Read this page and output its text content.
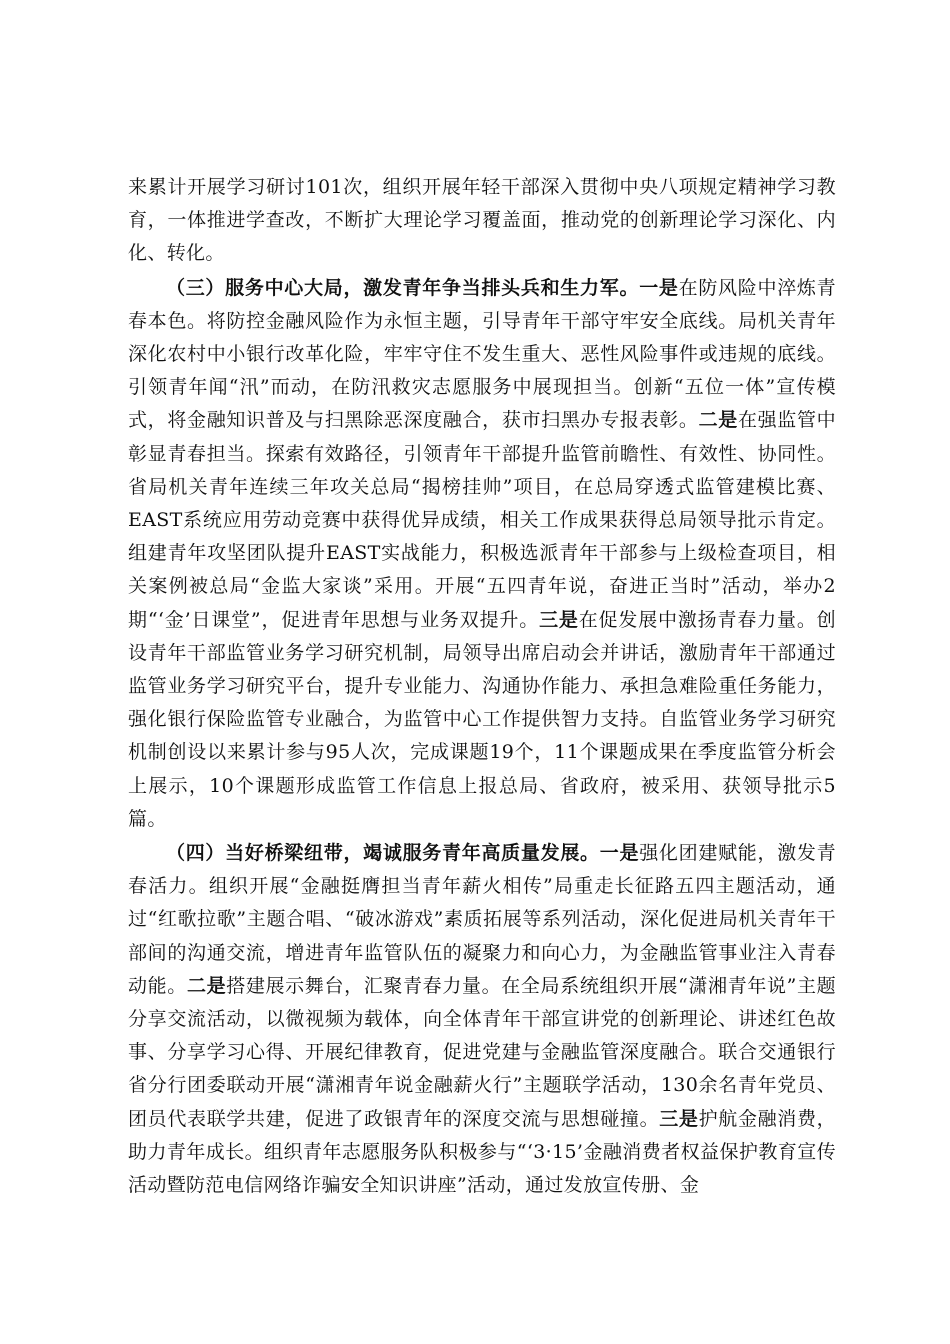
来累计开展学习研讨101次，组织开展年轻干部深入贯彻中央八项规定精神学习教育，一体推进学查改，不断扩大理论学习覆盖面，推动党的创新理论学习深化、内化、转化。

（三）服务中心大局，激发青年争当排头兵和生力军。一是在防风险中淬炼青春本色。将防控金融风险作为永恒主题，引导青年干部守牢安全底线。局机关青年深化农村中小银行改革化险，牢牢守住不发生重大、恶性风险事件或违规的底线。引领青年闻“汛”而动，在防汛救灾志愿服务中展现担当。创新“五位一体”宣传模式，将金融知识普及与扫黑除恶深度融合，获市扫黑办专报表彰。二是在强监管中彰显青春担当。探索有效路径，引领青年干部提升监管前瞻性、有效性、协同性。省局机关青年连续三年攻关总局“揭榜挂帅”项目，在总局穿透式监管建模比赛、EAST系统应用劳动竞赛中获得优异成绩，相关工作成果获得总局领导批示肯定。组建青年攻坚团队提升EAST实战能力，积极选派青年干部参与上级检查项目，相关案例被总局“金监大家谈”采用。开展“五四青年说，奋进正当时”活动，举办2期“‘金’日课堂”，促进青年思想与业务双提升。三是在促发展中激扬青春力量。创设青年干部监管业务学习研究机制，局领导出席启动会并讲话，激励青年干部通过监管业务学习研究平台，提升专业能力、沟通协作能力、承担急难险重任务能力，强化银行保险监管专业融合，为监管中心工作提供智力支持。自监管业务学习研究机制创设以来累计参与95人次，完成课题19个，11个课题成果在季度监管分析会上展示，10个课题形成监管工作信息上报总局、省政府，被采用、获领导批示5篇。

（四）当好桥梁纽带，竭诚服务青年高质量发展。一是强化团建赋能，激发青春活力。组织开展“金融挺膺担当青年薪火相传”局重走长征路五四主题活动，通过“红歌拉歌”主题合唱、“破冰游戏”素质拓展等系列活动，深化促进局机关青年干部间的沟通交流，增进青年监管队伍的凝聚力和向心力，为金融监管事业注入青春动能。二是搭建展示舞台，汇聚青春力量。在全局系统组织开展“潇湘青年说”主题分享交流活动，以微视频为载体，向全体青年干部宣讲党的创新理论、讲述红色故事、分享学习心得、开展纪律教育，促进党建与金融监管深度融合。联合交通银行省分行团委联动开展“潇湘青年说金融薪火行”主题联学活动，130余名青年党员、团员代表联学共建，促进了政银青年的深度交流与思想碰撞。三是护航金融消费，助力青年成长。组织青年志愿服务队积极参与“‘3·15’金融消费者权益保护教育宣传活动暨防范电信网络诈骗安全知识讲座”活动，通过发放宣传册、金
